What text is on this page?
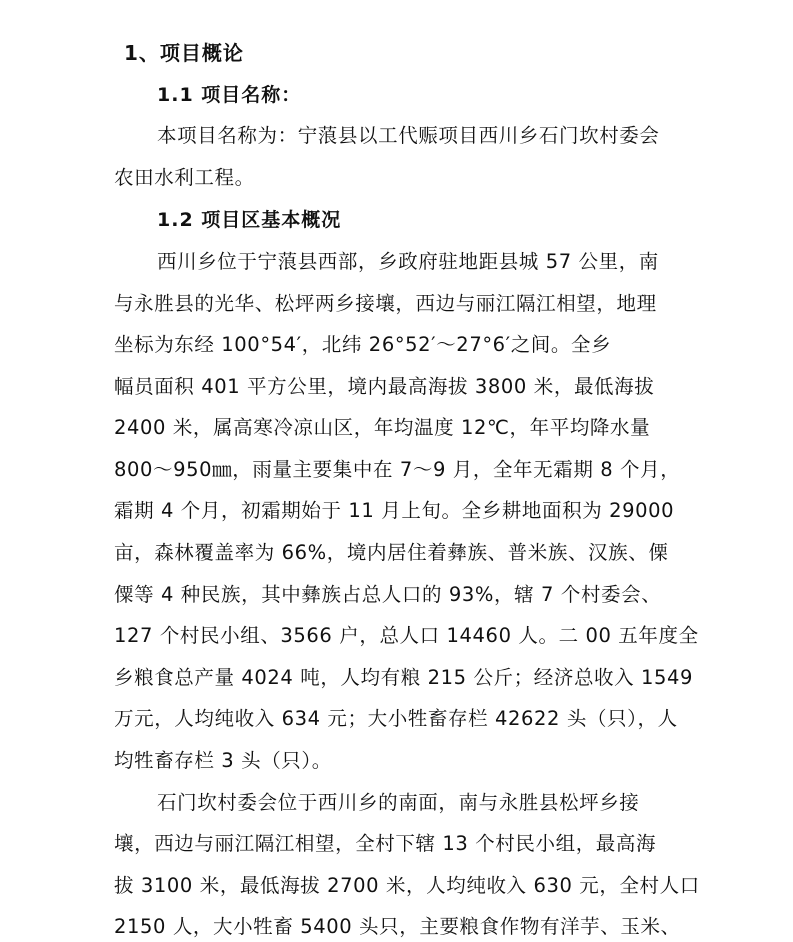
1、项目概论
1.1 项目名称：
本项目名称为：宁蒗县以工代赈项目西川乡石门坎村委会
农田水利工程。
1.2 项目区基本概况
西川乡位于宁蒗县西部，乡政府驻地距县城 57 公里，南
与永胜县的光华、松坪两乡接壤，西边与丽江隔江相望，地理
坐标为东经 100°54′，北纬 26°52′～27°6′之间。全乡
幅员面积 401 平方公里，境内最高海拔 3800 米，最低海拔
2400 米，属高寒冷凉山区，年均温度 12℃，年平均降水量
800～950㎜，雨量主要集中在 7～9 月，全年无霜期 8 个月，
霜期 4 个月，初霜期始于 11 月上旬。全乡耕地面积为 29000
亩，森林覆盖率为 66%，境内居住着彝族、普米族、汉族、傈
僳等 4 种民族，其中彝族占总人口的 93%，辖 7 个村委会、
127 个村民小组、3566 户，总人口 14460 人。二 00 五年度全
乡粮食总产量 4024 吨，人均有粮 215 公斤；经济总收入 1549
万元，人均纯收入 634 元；大小牲畜存栏 42622 头（只），人
均牲畜存栏 3 头（只）。
石门坎村委会位于西川乡的南面，南与永胜县松坪乡接
壤，西边与丽江隔江相望，全村下辖 13 个村民小组，最高海
拔 3100 米，最低海拔 2700 米，人均纯收入 630 元，全村人口
2150 人，大小牲畜 5400 头只，主要粮食作物有洋芋、玉米、
